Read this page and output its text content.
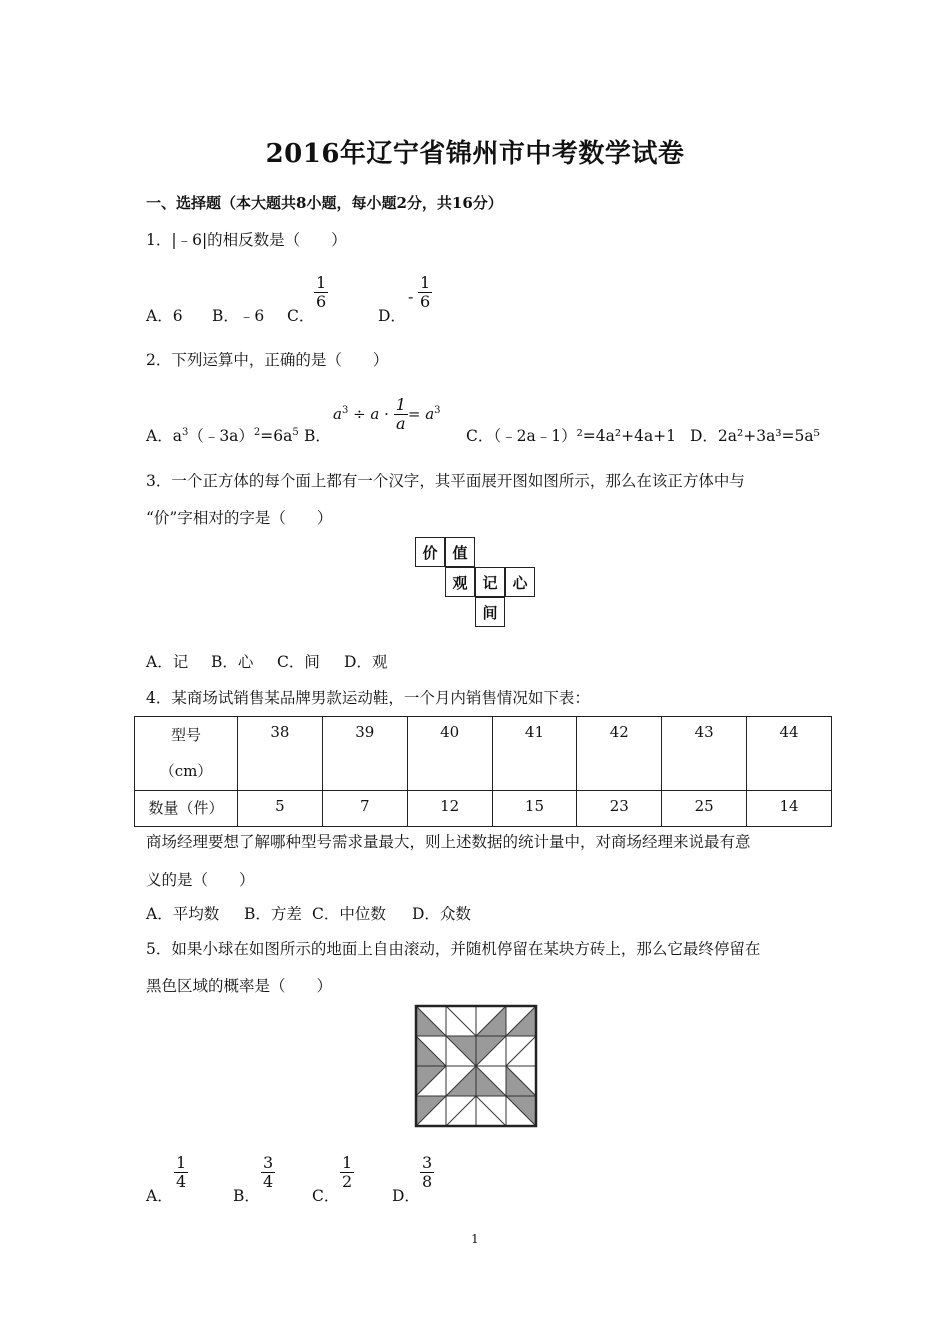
2016年辽宁省锦州市中考数学试卷
一、选择题（本大题共8小题，每小题2分，共16分）
1．|﹣6|的相反数是（　　）
A．6 B．﹣6 C．
$\frac{1}{6}$
D．
- $\frac{1}{6}$
2．下列运算中，正确的是（　　）
A．$a^3(﹣3a)^2=6a^5$ B．
$a^3 \div a \cdot \frac{1}{a} = a^3$
C．（﹣2a﹣1）²=4a²+4a+1 D．2a²+3a³=5a⁵
3．一个正方体的每个面上都有一个汉字，其平面展开图如图所示，那么在该正方体中与
“价”字相对的字是（　　）
价 值
观 记 心
间
A．记 B．心 C．间 D．观
4．某商场试销售某品牌男款运动鞋，一个月内销售情况如下表：
型号
（cm）	38	39	40	41	42	43	44
数量（件）	5	7	12	15	23	25	14
商场经理要想了解哪种型号需求量最大，则上述数据的统计量中，对商场经理来说最有意
义的是（　　）
A．平均数 B．方差 C．中位数 D．众数
5．如果小球在如图所示的地面上自由滚动，并随机停留在某块方砖上，那么它最终停留在
黑色区域的概率是（　　）
A．
$\frac{1}{4}$
B．
$\frac{3}{4}$
C．
$\frac{1}{2}$
D．
$\frac{3}{8}$
1
